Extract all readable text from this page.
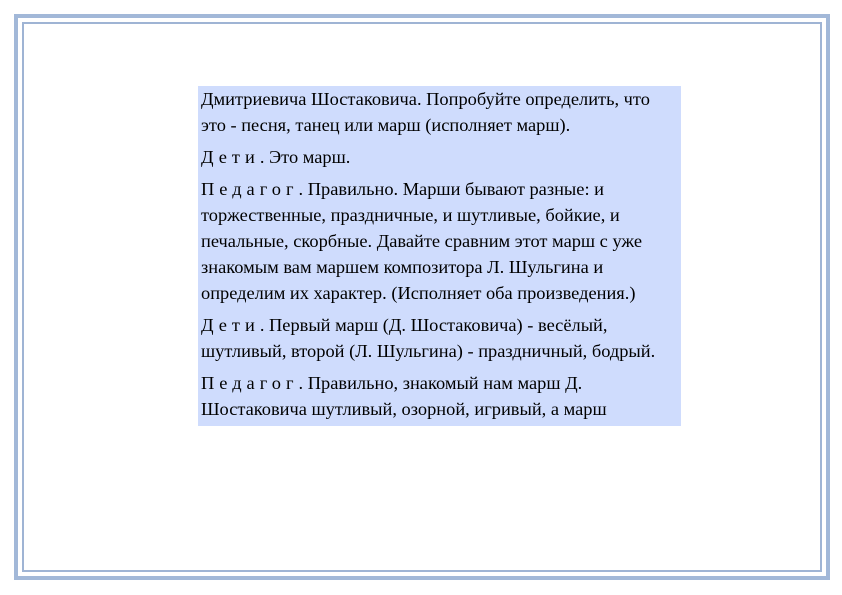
Дмитриевича Шостаковича. Попробуйте определить, что это - песня, танец или марш (исполняет марш).

Дети. Это марш.

Педагог. Правильно. Марши бывают разные: и торжественные, праздничные, и шутливые, бойкие, и печальные, скорбные. Давайте сравним этот марш с уже знакомым вам маршем композитора Л. Шульгина и определим их характер. (Исполняет оба произведения.)

Дети. Первый марш (Д. Шостаковича) - весёлый, шутливый, второй (Л. Шульгина) - праздничный, бодрый.

Педагог. Правильно, знакомый нам марш Д. Шостаковича шутливый, озорной, игривый, а марш
